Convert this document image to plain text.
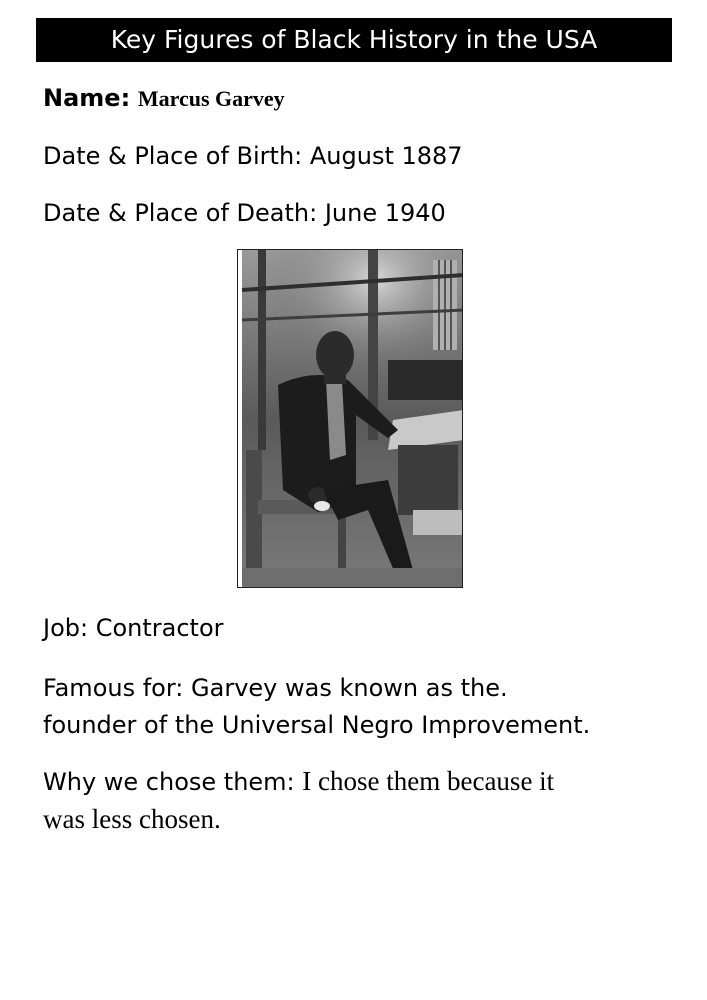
Key Figures of Black History in the USA
Name: Marcus Garvey
Date & Place of Birth: August 1887
Date & Place of Death: June 1940
Job: Contractor
Famous for: Garvey was known as the.
founder of the Universal Negro Improvement.
Why we chose them: I chose them because it
was less chosen.
